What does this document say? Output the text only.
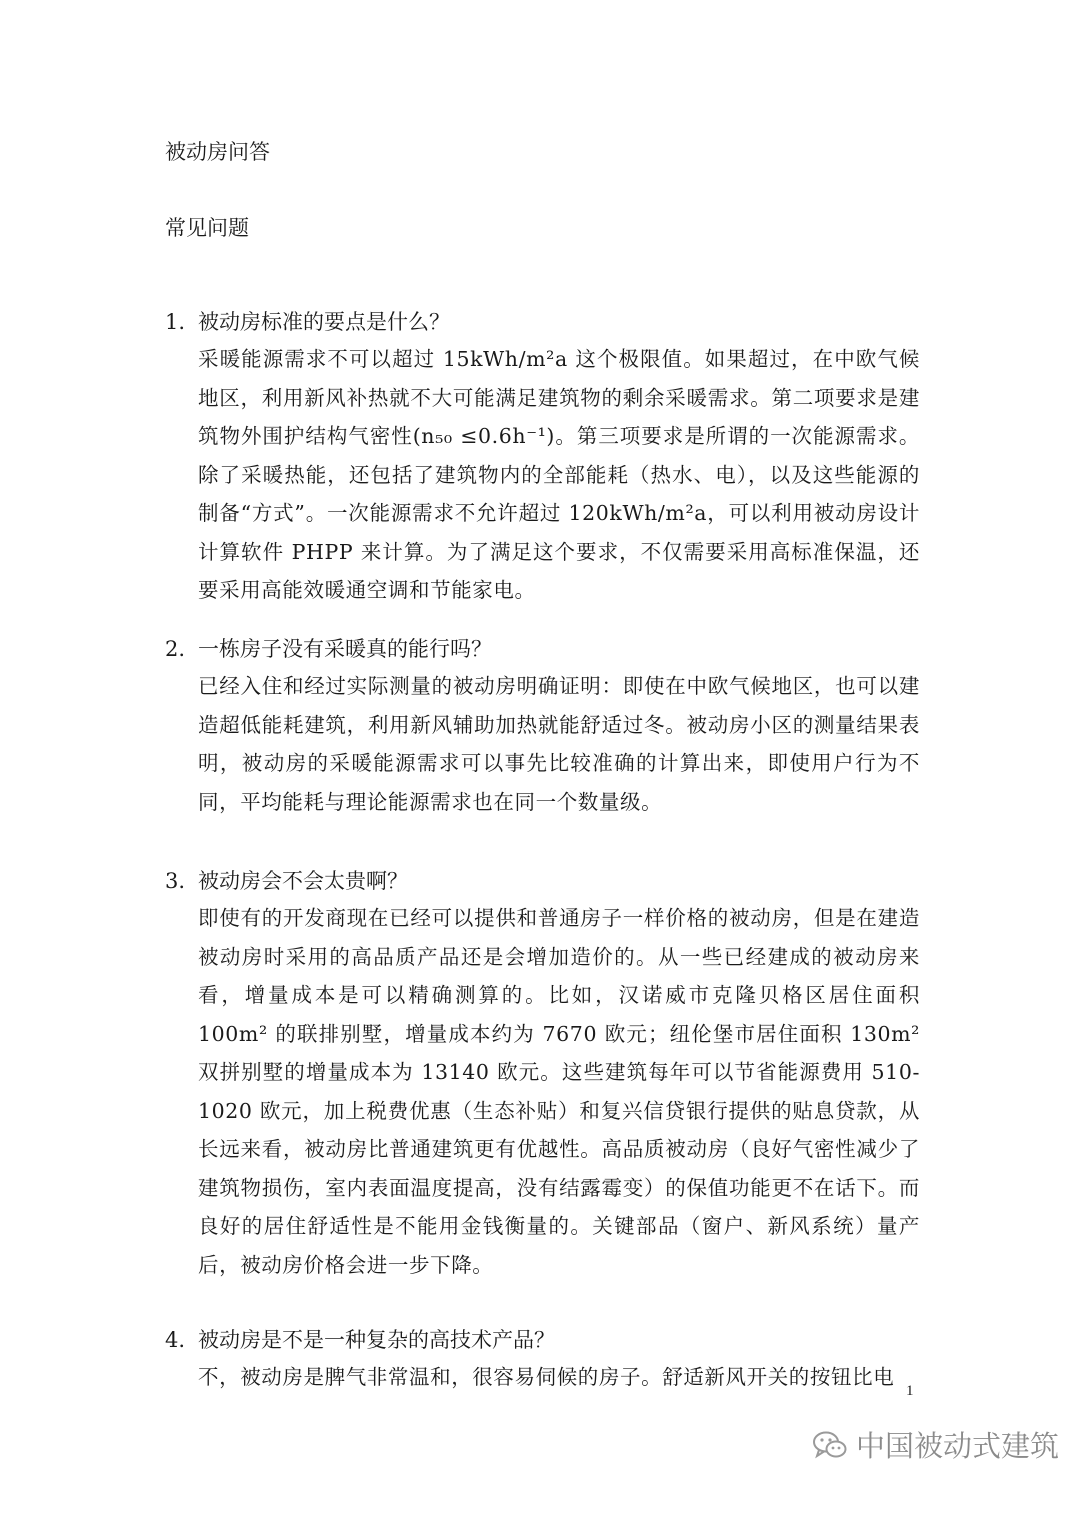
被动房问答
常见问题
1. 被动房标准的要点是什么？
采暖能源需求不可以超过 15kWh/m²a 这个极限值。如果超过，在中欧气候地区，利用新风补热就不大可能满足建筑物的剩余采暖需求。第二项要求是建筑物外围护结构气密性(n₅₀ ≤0.6h⁻¹)。第三项要求是所谓的一次能源需求。除了采暖热能，还包括了建筑物内的全部能耗（热水、电），以及这些能源的制备“方式”。一次能源需求不允许超过 120kWh/m²a，可以利用被动房设计计算软件 PHPP 来计算。为了满足这个要求，不仅需要采用高标准保温，还要采用高能效暖通空调和节能家电。
2. 一栋房子没有采暖真的能行吗？
已经入住和经过实际测量的被动房明确证明：即使在中欧气候地区，也可以建造超低能耗建筑，利用新风辅助加热就能舒适过冬。被动房小区的测量结果表明，被动房的采暖能源需求可以事先比较准确的计算出来，即使用户行为不同，平均能耗与理论能源需求也在同一个数量级。
3. 被动房会不会太贵啊？
即使有的开发商现在已经可以提供和普通房子一样价格的被动房，但是在建造被动房时采用的高品质产品还是会增加造价的。从一些已经建成的被动房来看，增量成本是可以精确测算的。比如，汉诺威市克隆贝格区居住面积 100m² 的联排别墅，增量成本约为 7670 欧元；纽伦堡市居住面积 130m² 双拼别墅的增量成本为 13140 欧元。这些建筑每年可以节省能源费用 510-1020 欧元，加上税费优惠（生态补贴）和复兴信贷银行提供的贴息贷款，从长远来看，被动房比普通建筑更有优越性。高品质被动房（良好气密性减少了建筑物损伤，室内表面温度提高，没有结露霉变）的保值功能更不在话下。而良好的居住舒适性是不能用金钱衡量的。关键部品（窗户、新风系统）量产后，被动房价格会进一步下降。
4. 被动房是不是一种复杂的高技术产品？
不，被动房是脾气非常温和，很容易伺候的房子。舒适新风开关的按钮比电
1
中国被动式建筑
